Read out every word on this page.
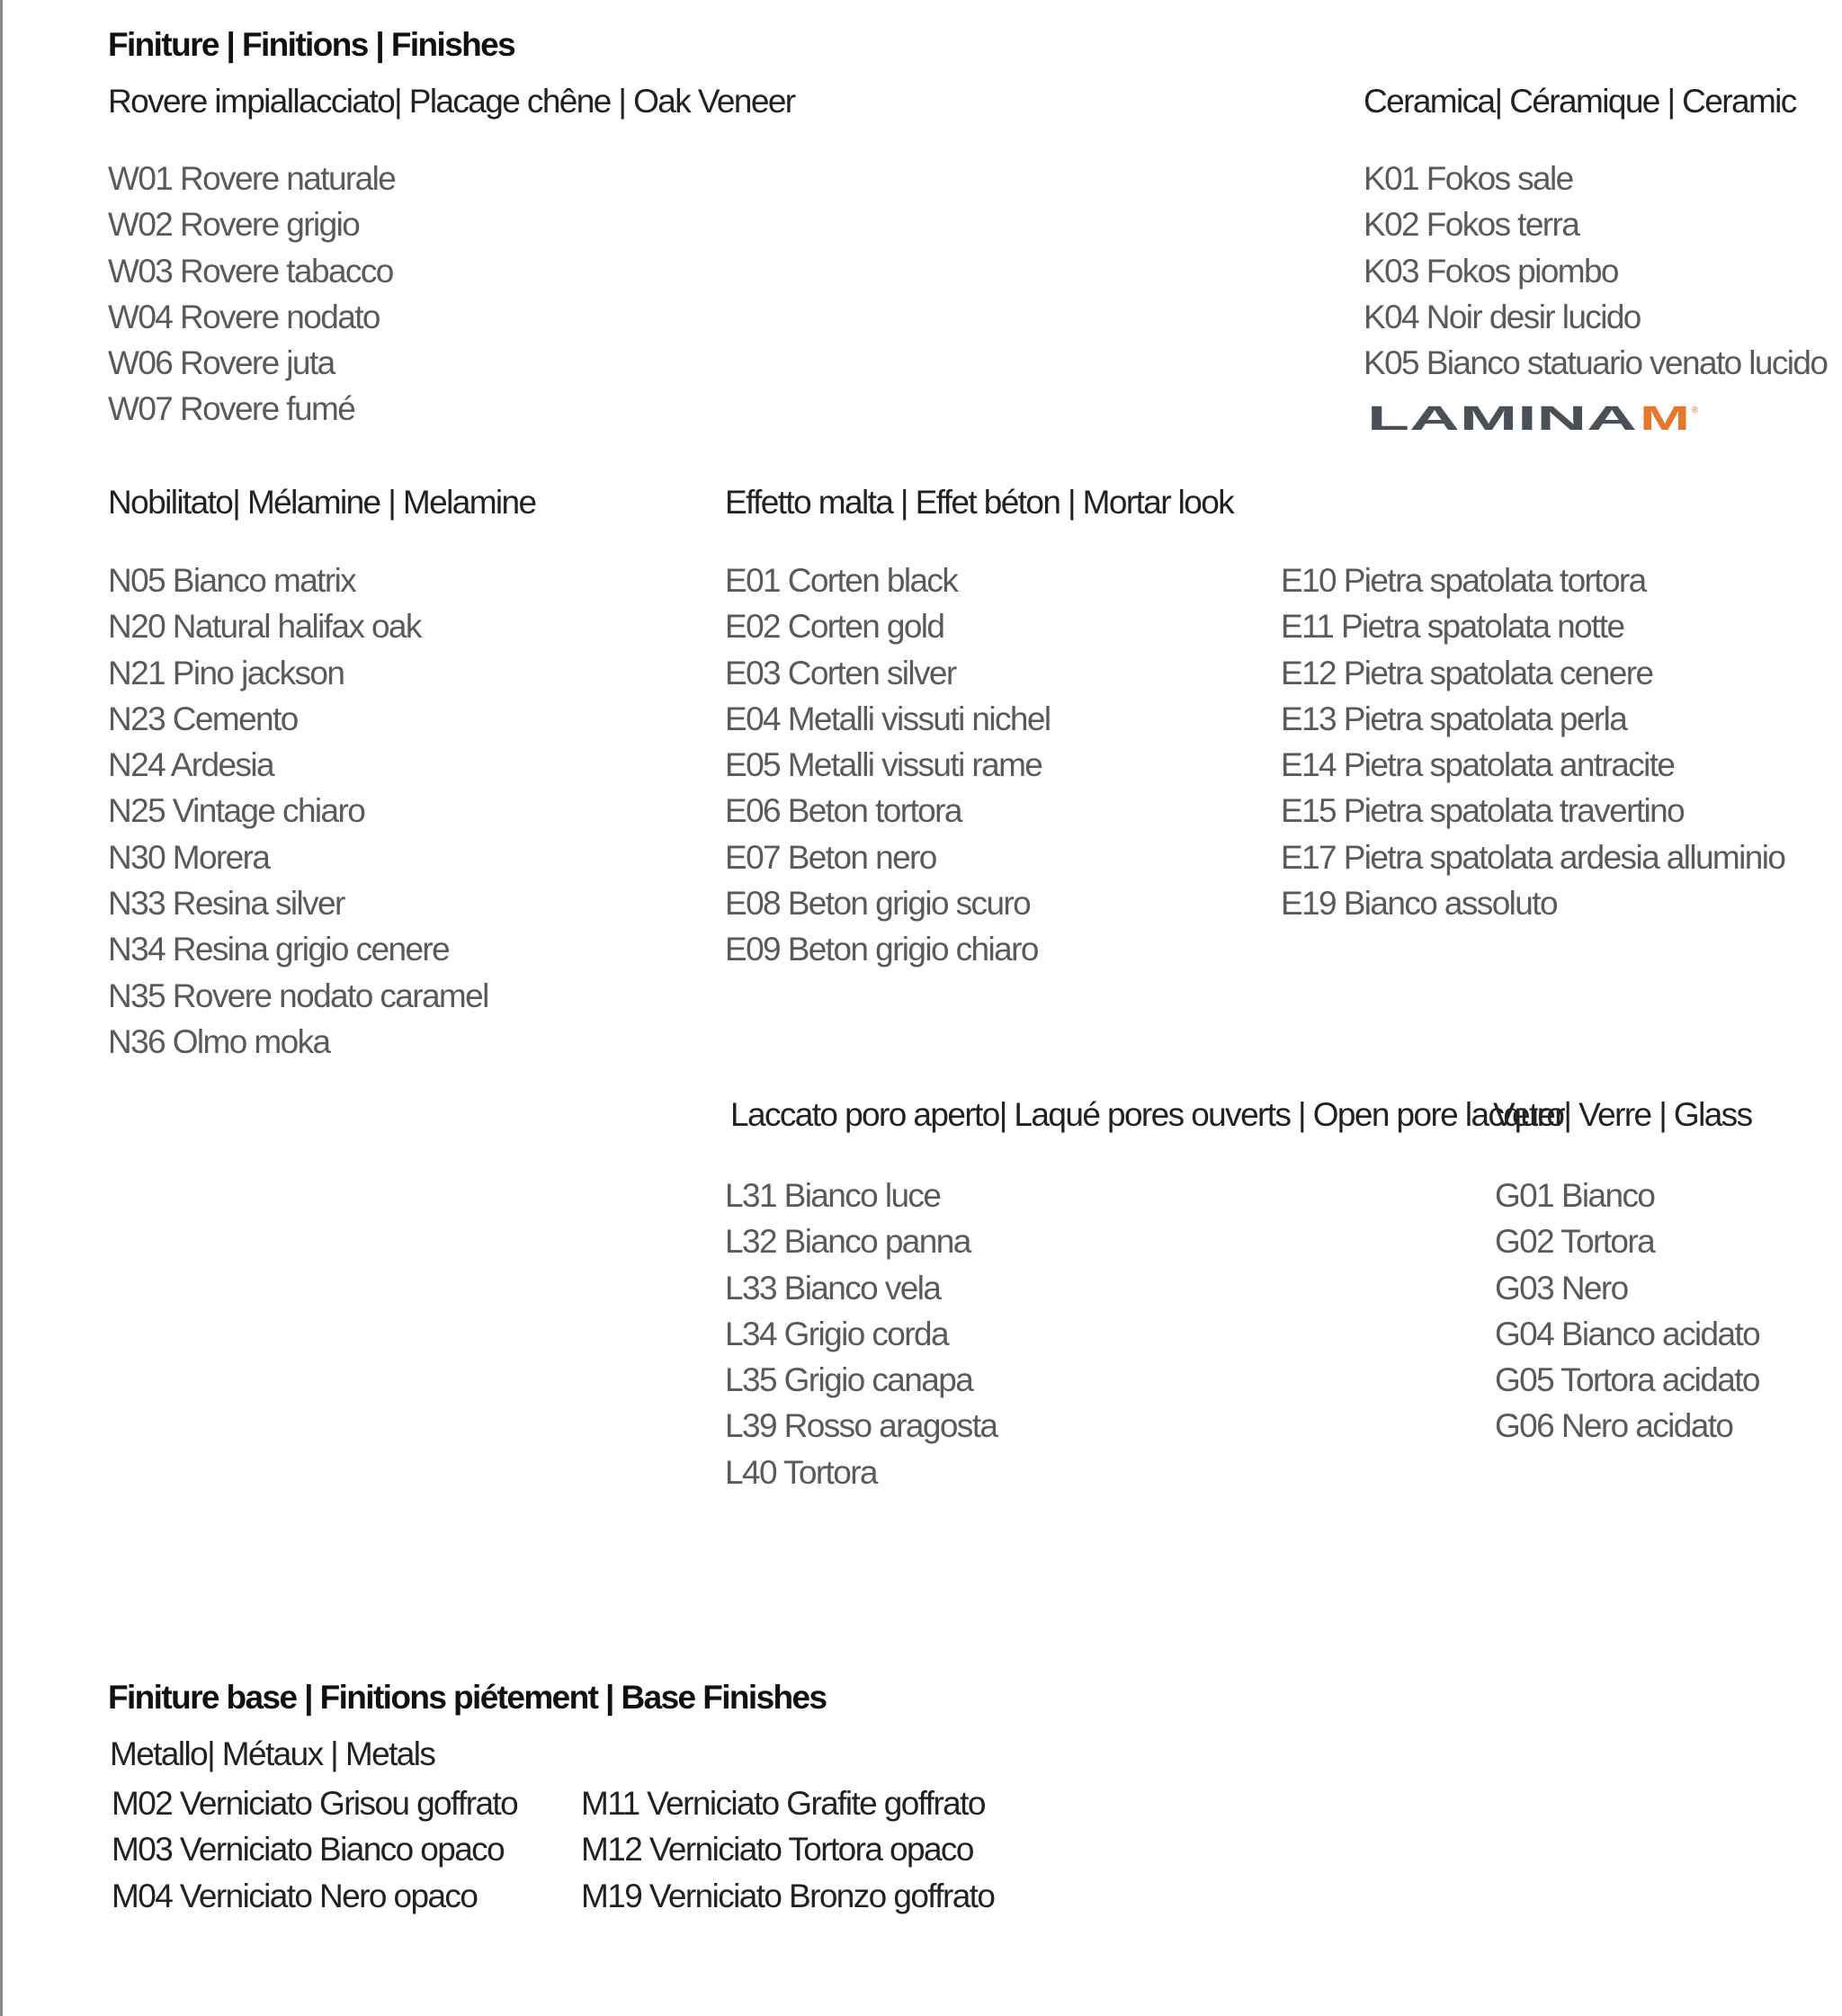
Finiture | Finitions | Finishes
Rovere impiallacciato| Placage chêne | Oak Veneer
W01 Rovere naturale
W02 Rovere grigio
W03 Rovere tabacco
W04 Rovere nodato
W06 Rovere juta
W07 Rovere fumé
Ceramica| Céramique | Ceramic
K01 Fokos sale
K02 Fokos terra
K03 Fokos piombo
K04 Noir desir lucido
K05 Bianco statuario venato lucido
LAMINA M ®
Nobilitato| Mélamine | Melamine
N05 Bianco matrix
N20 Natural halifax oak
N21 Pino jackson
N23 Cemento
N24 Ardesia
N25 Vintage chiaro
N30 Morera
N33 Resina silver
N34 Resina grigio cenere
N35 Rovere nodato caramel
N36 Olmo moka
Effetto malta | Effet béton | Mortar look
E01 Corten black
E02 Corten gold
E03 Corten silver
E04 Metalli vissuti nichel
E05 Metalli vissuti rame
E06 Beton tortora
E07 Beton nero
E08 Beton grigio scuro
E09 Beton grigio chiaro
E10 Pietra spatolata tortora
E11 Pietra spatolata notte
E12 Pietra spatolata cenere
E13 Pietra spatolata perla
E14 Pietra spatolata antracite
E15 Pietra spatolata travertino
E17 Pietra spatolata ardesia alluminio
E19 Bianco assoluto
Laccato poro aperto| Laqué pores ouverts | Open pore lacquer
L31 Bianco luce
L32 Bianco panna
L33 Bianco vela
L34 Grigio corda
L35 Grigio canapa
L39 Rosso aragosta
L40 Tortora
Vetro| Verre | Glass
G01 Bianco
G02 Tortora
G03 Nero
G04 Bianco acidato
G05 Tortora acidato
G06 Nero acidato
Finiture base | Finitions piétement | Base Finishes
Metallo| Métaux | Metals
M02 Verniciato Grisou goffrato
M03 Verniciato Bianco opaco
M04 Verniciato Nero opaco
M11 Verniciato Grafite goffrato
M12 Verniciato Tortora opaco
M19 Verniciato Bronzo goffrato
